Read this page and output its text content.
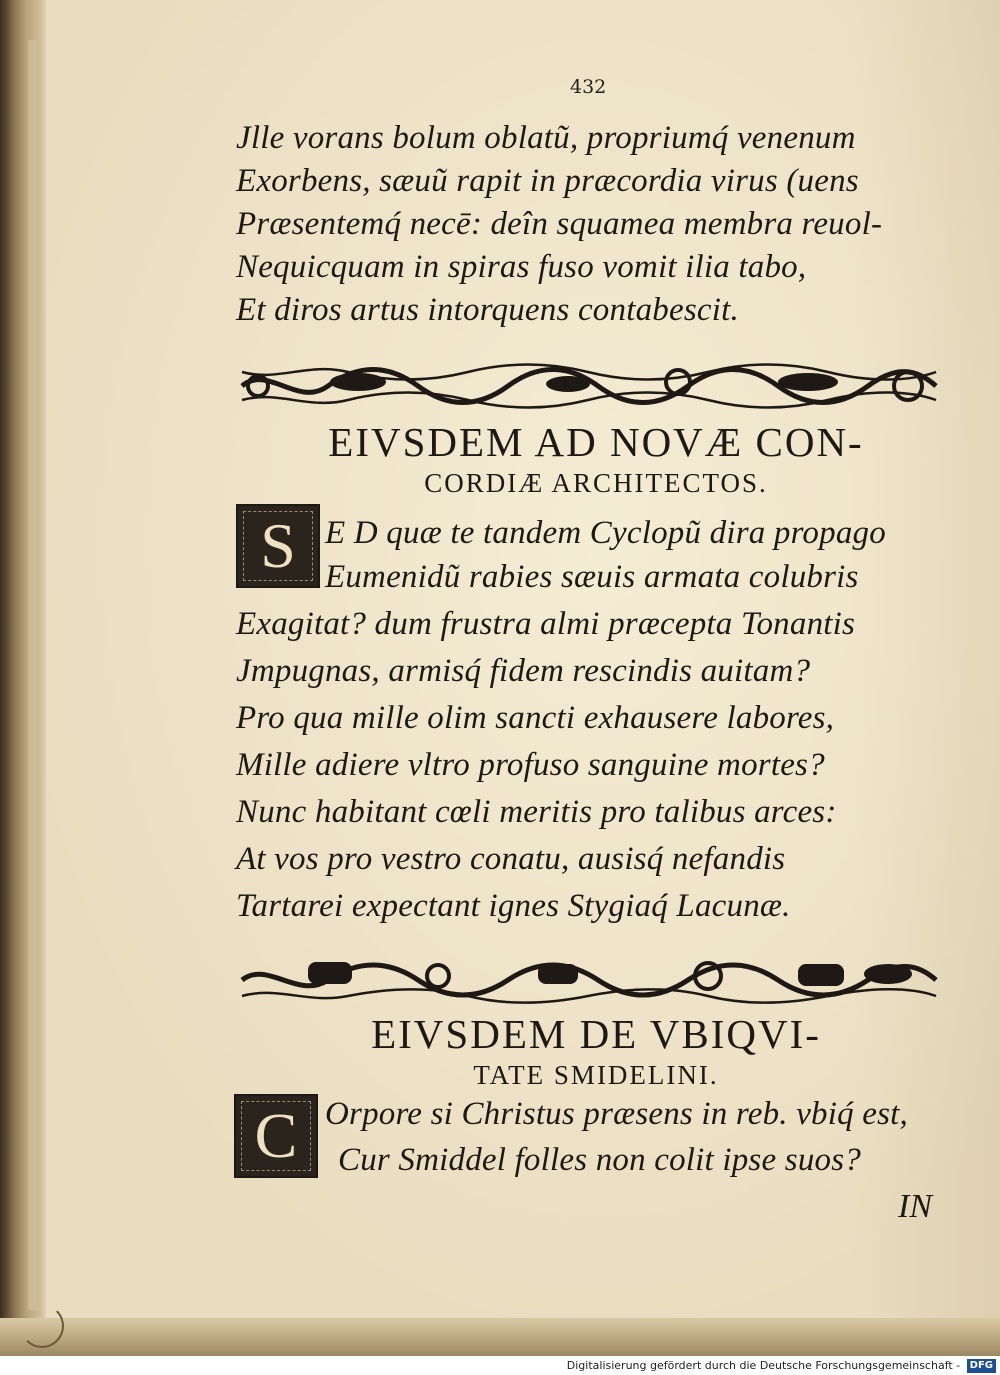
432
Jlle vorans bolum oblatũ, propriumq́ venenum
Exorbens, sæuũ rapit in præcordia virus (uens
Præsentemq́ necē: deîn squamea membra reuol-
Nequicquam in spiras fuso vomit ilia tabo,
Et diros artus intorquens contabescit.
EIVSDEM AD NOVÆ CON-
CORDIÆ ARCHITECTOS.
S E D quæ te tandem Cyclopũ dira propago
Eumenidũ rabies sæuis armata colubris
Exagitat? dum frustra almi præcepta Tonantis
Jmpugnas, armisq́ fidem rescindis auitam?
Pro qua mille olim sancti exhausere labores,
Mille adiere vltro profuso sanguine mortes?
Nunc habitant cœli meritis pro talibus arces:
At vos pro vestro conatu, ausisq́ nefandis
Tartarei expectant ignes Stygiaq́ Lacunæ.
EIVSDEM DE VBIQVI-
TATE SMIDELINI.
C Orpore si Christus præsens in reb. vbiq́ est,
Cur Smiddel folles non colit ipse suos?
IN
Digitalisierung gefördert durch die Deutsche Forschungsgemeinschaft - DFG
